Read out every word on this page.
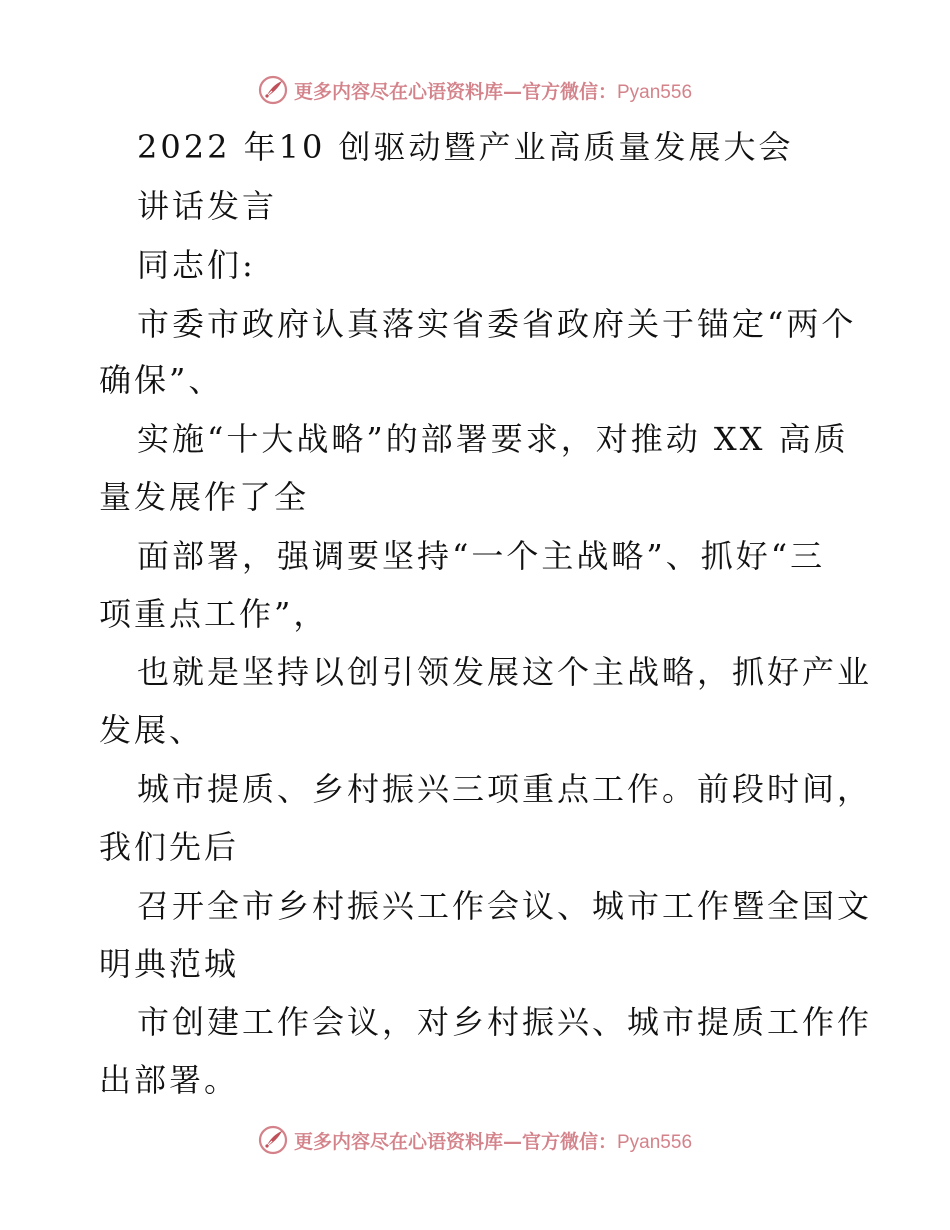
更多内容尽在心语资料库—官方微信：Pyan556
2022 年10 创驱动暨产业高质量发展大会
讲话发言
同志们:
市委市政府认真落实省委省政府关于锚定“两个
确保”、
实施“十大战略”的部署要求，对推动 XX 高质
量发展作了全
面部署，强调要坚持“一个主战略”、抓好“三
项重点工作”，
也就是坚持以创引领发展这个主战略，抓好产业
发展、
城市提质、乡村振兴三项重点工作。前段时间，
我们先后
召开全市乡村振兴工作会议、城市工作暨全国文
明典范城
市创建工作会议，对乡村振兴、城市提质工作作
出部署。
更多内容尽在心语资料库—官方微信：Pyan556
